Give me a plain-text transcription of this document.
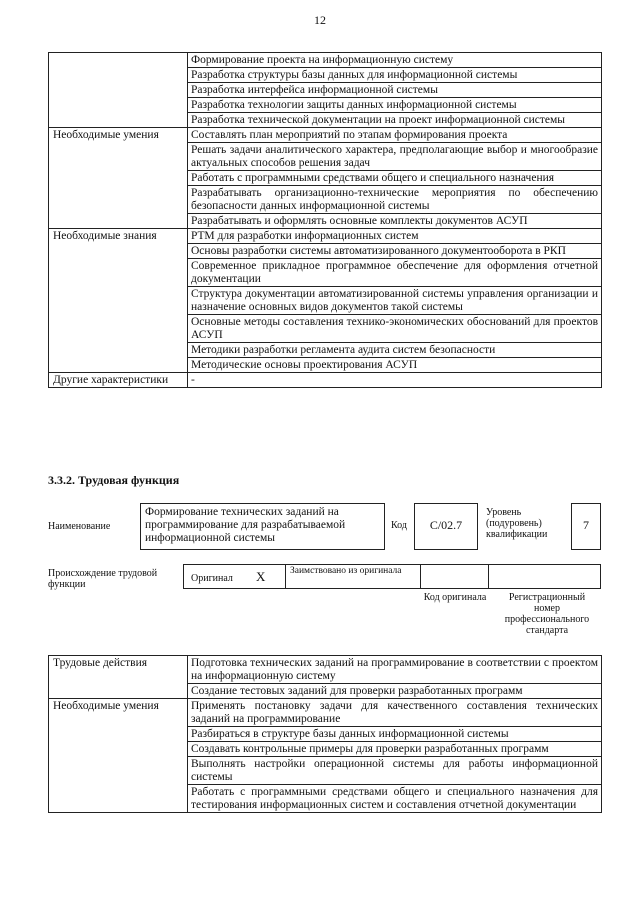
12
	Формирование проекта на информационную систему
	Разработка структуры базы данных для информационной системы
	Разработка интерфейса информационной системы
	Разработка технологии защиты данных информационной системы
	Разработка технической документации на проект информационной системы
Необходимые умения	Составлять план мероприятий по этапам формирования проекта
	Решать задачи аналитического характера, предполагающие выбор и многообразие актуальных способов решения задач
	Работать с программными средствами общего и специального назначения
	Разрабатывать организационно-технические мероприятия по обеспечению безопасности данных информационной системы
	Разрабатывать и оформлять основные комплекты документов АСУП
Необходимые знания	РТМ для разработки информационных систем
	Основы разработки системы автоматизированного документооборота в РКП
	Современное прикладное программное обеспечение для оформления отчетной документации
	Структура документации автоматизированной системы управления организации и назначение основных видов документов такой системы
	Основные методы составления технико-экономических обоснований для проектов АСУП
	Методики разработки регламента аудита систем безопасности
	Методические основы проектирования АСУП
Другие характеристики	-
3.3.2. Трудовая функция
Наименование
Формирование технических заданий на программирование для разрабатываемой информационной системы
Код	С/02.7
Уровень (подуровень) квалификации
7
Происхождение трудовой функции
Оригинал X	Заимствовано из оригинала
Код оригинала	Регистрационный номер профессионального стандарта
Трудовые действия	Подготовка технических заданий на программирование в соответствии с проектом на информационную систему
	Создание тестовых заданий для проверки разработанных программ
Необходимые умения	Применять постановку задачи для качественного составления технических заданий на программирование
	Разбираться в структуре базы данных информационной системы
	Создавать контрольные примеры для проверки разработанных программ
	Выполнять настройки операционной системы для работы информационной системы
	Работать с программными средствами общего и специального назначения для тестирования информационных систем и составления отчетной документации
